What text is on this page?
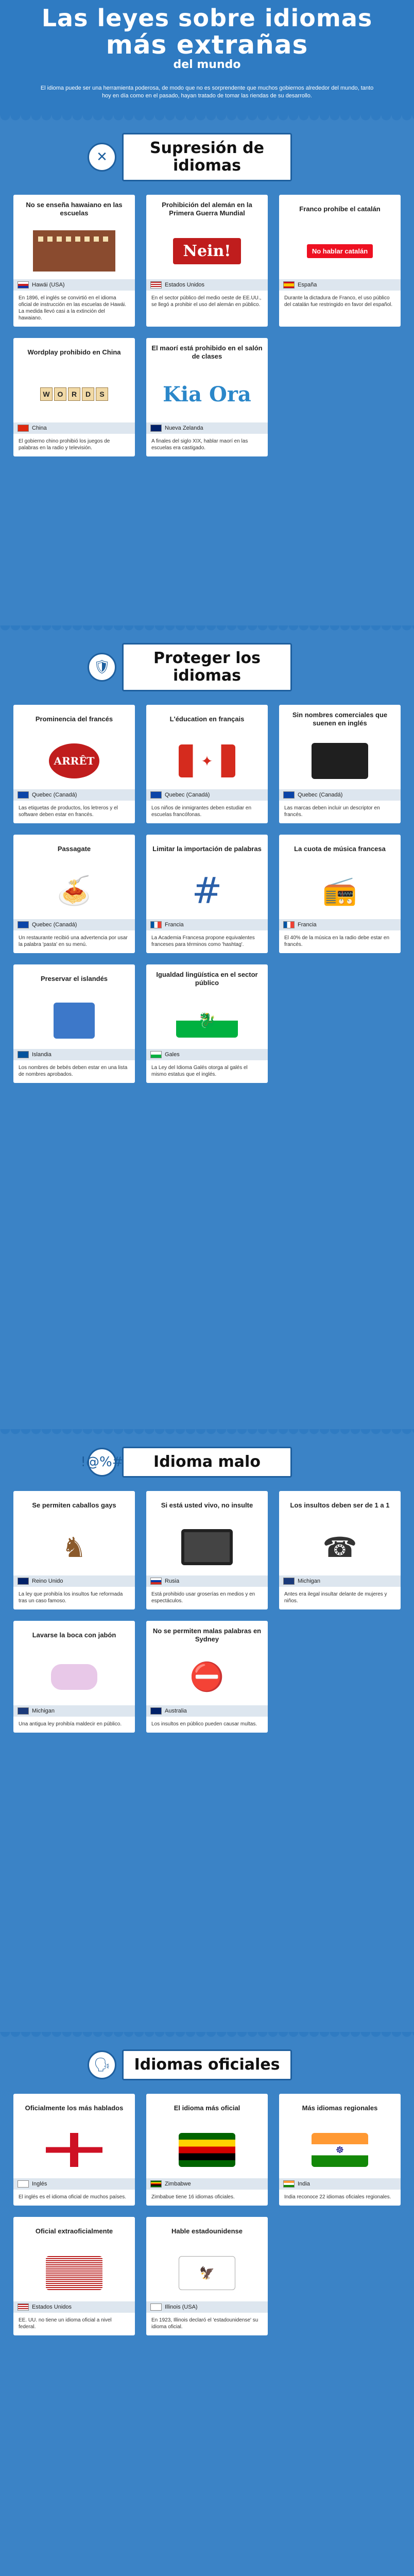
Las leyes sobre idiomas
más extrañas
del mundo
El idioma puede ser una herramienta poderosa, de modo que no es sorprendente que muchos gobiernos alrededor del mundo, tanto hoy en día como en el pasado, hayan tratado de tomar las riendas de su desarrollo.
✕	Supresión de idiomas
No se enseña hawaiano en las escuelas
Hawái (USA)
En 1896, el inglés se convirtió en el idioma oficial de instrucción en las escuelas de Hawái. La medida llevó casi a la extinción del hawaiano.
Prohibición del alemán en la Primera Guerra Mundial
Nein!
Estados Unidos
En el sector público del medio oeste de EE.UU., se llegó a prohibir el uso del alemán en público.
Franco prohíbe el catalán
No hablar catalán
España
Durante la dictadura de Franco, el uso público del catalán fue restringido en favor del español.
Wordplay prohibido en China
W	O	R	D	S
China
El gobierno chino prohibió los juegos de palabras en la radio y televisión.
El maorí está prohibido en el salón de clases
Kia Ora
Nueva Zelanda
A finales del siglo XIX, hablar maorí en las escuelas era castigado.
🛡	Proteger los idiomas
Prominencia del francés
ARRÊT
Quebec (Canadá)
Las etiquetas de productos, los letreros y el software deben estar en francés.
L'éducation en français
✦
Quebec (Canadá)
Los niños de inmigrantes deben estudiar en escuelas francófonas.
Sin nombres comerciales que suenen en inglés
Quebec (Canadá)
Las marcas deben incluir un descriptor en francés.
Passagate
🍝
Quebec (Canadá)
Un restaurante recibió una advertencia por usar la palabra 'pasta' en su menú.
Limitar la importación de palabras
#
Francia
La Academia Francesa propone equivalentes franceses para términos como 'hashtag'.
La cuota de música francesa
📻
Francia
El 40% de la música en la radio debe estar en francés.
Preservar el islandés
Islandia
Los nombres de bebés deben estar en una lista de nombres aprobados.
Igualdad lingüística en el sector público
🐉
Gales
La Ley del Idioma Galés otorga al galés el mismo estatus que el inglés.
!@%#	Idioma malo
Se permiten caballos gays
♞
Reino Unido
La ley que prohibía los insultos fue reformada tras un caso famoso.
Si está usted vivo, no insulte
Rusia
Está prohibido usar groserías en medios y en espectáculos.
Los insultos deben ser de 1 a 1
☎
Michigan
Antes era ilegal insultar delante de mujeres y niños.
Lavarse la boca con jabón
Michigan
Una antigua ley prohibía maldecir en público.
No se permiten malas palabras en Sydney
⛔
Australia
Los insultos en público pueden causar multas.
🗣	Idiomas oficiales
Oficialmente los más hablados
Inglés
El inglés es el idioma oficial de muchos países.
El idioma más oficial
Zimbabwe
Zimbabue tiene 16 idiomas oficiales.
Más idiomas regionales
☸
India
India reconoce 22 idiomas oficiales regionales.
Oficial extraoficialmente
Estados Unidos
EE. UU. no tiene un idioma oficial a nivel federal.
Hable estadounidense
🦅
Illinois (USA)
En 1923, Illinois declaró el 'estadounidense' su idioma oficial.
